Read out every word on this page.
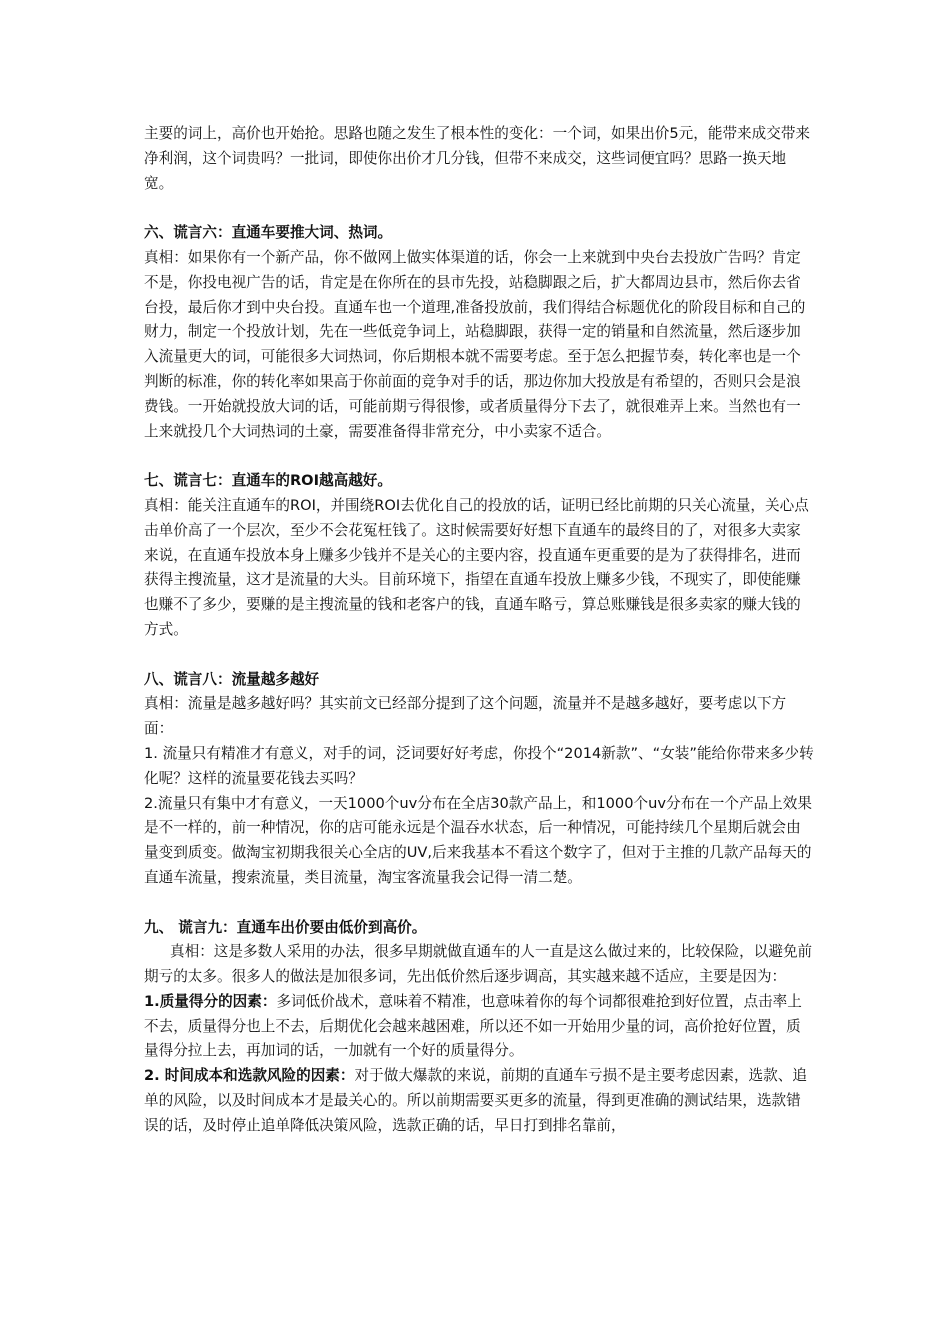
主要的词上，高价也开始抢。思路也随之发生了根本性的变化：一个词，如果出价5元，能带来成交带来净利润，这个词贵吗？一批词，即使你出价才几分钱，但带不来成交，这些词便宜吗？思路一换天地宽。

六、谎言六：直通车要推大词、热词。

真相：如果你有一个新产品，你不做网上做实体渠道的话，你会一上来就到中央台去投放广告吗？肯定不是，你投电视广告的话，肯定是在你所在的县市先投，站稳脚跟之后，扩大都周边县市，然后你去省台投，最后你才到中央台投。直通车也一个道理,准备投放前，我们得结合标题优化的阶段目标和自己的财力，制定一个投放计划，先在一些低竞争词上，站稳脚跟，获得一定的销量和自然流量，然后逐步加入流量更大的词，可能很多大词热词，你后期根本就不需要考虑。至于怎么把握节奏，转化率也是一个判断的标准，你的转化率如果高于你前面的竞争对手的话，那边你加大投放是有希望的，否则只会是浪费钱。一开始就投放大词的话，可能前期亏得很惨，或者质量得分下去了，就很难弄上来。当然也有一上来就投几个大词热词的土豪，需要准备得非常充分，中小卖家不适合。

七、谎言七：直通车的ROI越高越好。

真相：能关注直通车的ROI，并围绕ROI去优化自己的投放的话，证明已经比前期的只关心流量，关心点击单价高了一个层次，至少不会花冤枉钱了。这时候需要好好想下直通车的最终目的了，对很多大卖家来说，在直通车投放本身上赚多少钱并不是关心的主要内容，投直通车更重要的是为了获得排名，进而获得主搜流量，这才是流量的大头。目前环境下，指望在直通车投放上赚多少钱，不现实了，即使能赚也赚不了多少，要赚的是主搜流量的钱和老客户的钱，直通车略亏，算总账赚钱是很多卖家的赚大钱的方式。

八、谎言八：流量越多越好

真相：流量是越多越好吗？其实前文已经部分提到了这个问题，流量并不是越多越好，要考虑以下方面：

1. 流量只有精准才有意义，对手的词，泛词要好好考虑，你投个“2014新款”、“女装”能给你带来多少转化呢？这样的流量要花钱去买吗？

2.流量只有集中才有意义，一天1000个uv分布在全店30款产品上，和1000个uv分布在一个产品上效果是不一样的，前一种情况，你的店可能永远是个温吞水状态，后一种情况，可能持续几个星期后就会由量变到质变。做淘宝初期我很关心全店的UV,后来我基本不看这个数字了，但对于主推的几款产品每天的直通车流量，搜索流量，类目流量，淘宝客流量我会记得一清二楚。

九、 谎言九：直通车出价要由低价到高价。

真相：这是多数人采用的办法，很多早期就做直通车的人一直是这么做过来的，比较保险，以避免前期亏的太多。很多人的做法是加很多词，先出低价然后逐步调高，其实越来越不适应，主要是因为：

1.质量得分的因素：多词低价战术，意味着不精准，也意味着你的每个词都很难抢到好位置，点击率上不去，质量得分也上不去，后期优化会越来越困难，所以还不如一开始用少量的词，高价抢好位置，质量得分拉上去，再加词的话，一加就有一个好的质量得分。

2. 时间成本和选款风险的因素：对于做大爆款的来说，前期的直通车亏损不是主要考虑因素，选款、追单的风险，以及时间成本才是最关心的。所以前期需要买更多的流量，得到更准确的测试结果，选款错误的话，及时停止追单降低决策风险，选款正确的话，早日打到排名靠前，
